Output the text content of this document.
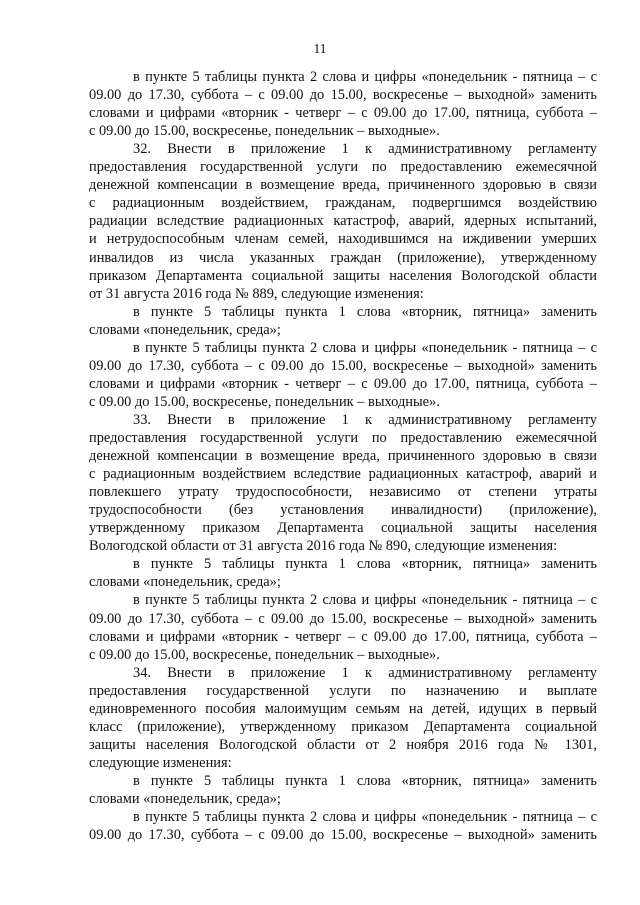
11
в пункте 5 таблицы пункта 2 слова и цифры «понедельник - пятница – с
09.00 до 17.30, суббота – с 09.00 до 15.00, воскресенье – выходной» заменить
словами и цифрами «вторник - четверг – с 09.00 до 17.00, пятница, суббота –
с 09.00 до 15.00, воскресенье, понедельник – выходные».
32. Внести в приложение 1 к административному регламенту
предоставления государственной услуги по предоставлению ежемесячной
денежной компенсации в возмещение вреда, причиненного здоровью в связи
с радиационным воздействием, гражданам, подвергшимся воздействию
радиации вследствие радиационных катастроф, аварий, ядерных испытаний,
и нетрудоспособным членам семей, находившимся на иждивении умерших
инвалидов из числа указанных граждан (приложение), утвержденному
приказом Департамента социальной защиты населения Вологодской области
от 31 августа 2016 года № 889, следующие изменения:
в пункте 5 таблицы пункта 1 слова «вторник, пятница» заменить
словами «понедельник, среда»;
в пункте 5 таблицы пункта 2 слова и цифры «понедельник - пятница – с
09.00 до 17.30, суббота – с 09.00 до 15.00, воскресенье – выходной» заменить
словами и цифрами «вторник - четверг – с 09.00 до 17.00, пятница, суббота –
с 09.00 до 15.00, воскресенье, понедельник – выходные».
33. Внести в приложение 1 к административному регламенту
предоставления государственной услуги по предоставлению ежемесячной
денежной компенсации в возмещение вреда, причиненного здоровью в связи
с радиационным воздействием вследствие радиационных катастроф, аварий и
повлекшего утрату трудоспособности, независимо от степени утраты
трудоспособности (без установления инвалидности) (приложение),
утвержденному приказом Департамента социальной защиты населения
Вологодской области от 31 августа 2016 года № 890, следующие изменения:
в пункте 5 таблицы пункта 1 слова «вторник, пятница» заменить
словами «понедельник, среда»;
в пункте 5 таблицы пункта 2 слова и цифры «понедельник - пятница – с
09.00 до 17.30, суббота – с 09.00 до 15.00, воскресенье – выходной» заменить
словами и цифрами «вторник - четверг – с 09.00 до 17.00, пятница, суббота –
с 09.00 до 15.00, воскресенье, понедельник – выходные».
34. Внести в приложение 1 к административному регламенту
предоставления государственной услуги по назначению и выплате
единовременного пособия малоимущим семьям на детей, идущих в первый
класс (приложение), утвержденному приказом Департамента социальной
защиты населения Вологодской области от 2 ноября 2016 года № 1301,
следующие изменения:
в пункте 5 таблицы пункта 1 слова «вторник, пятница» заменить
словами «понедельник, среда»;
в пункте 5 таблицы пункта 2 слова и цифры «понедельник - пятница – с
09.00 до 17.30, суббота – с 09.00 до 15.00, воскресенье – выходной» заменить
